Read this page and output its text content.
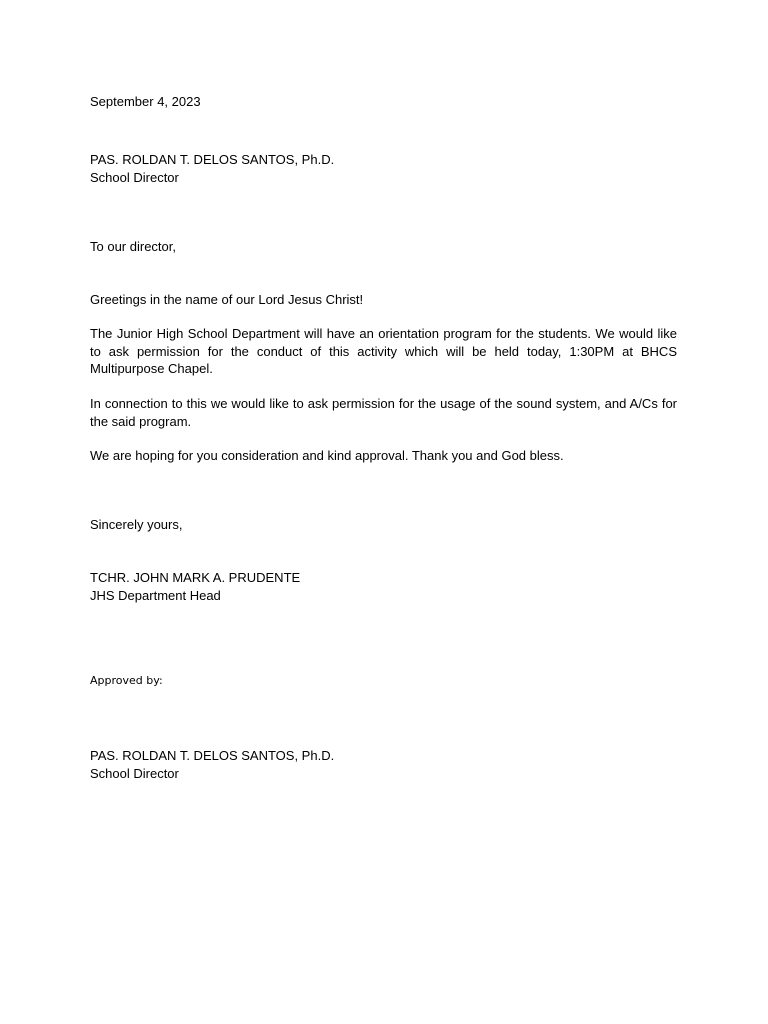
September 4, 2023
PAS. ROLDAN T. DELOS SANTOS, Ph.D.
School Director
To our director,
Greetings in the name of our Lord Jesus Christ!
The Junior High School Department will have an orientation program for the students. We would like to ask permission for the conduct of this activity which will be held today, 1:30PM at BHCS Multipurpose Chapel.
In connection to this we would like to ask permission for the usage of the sound system, and A/Cs for the said program.
We are hoping for you consideration and kind approval. Thank you and God bless.
Sincerely yours,
TCHR. JOHN MARK A. PRUDENTE
JHS Department Head
Approved by:
PAS. ROLDAN T. DELOS SANTOS, Ph.D.
School Director
